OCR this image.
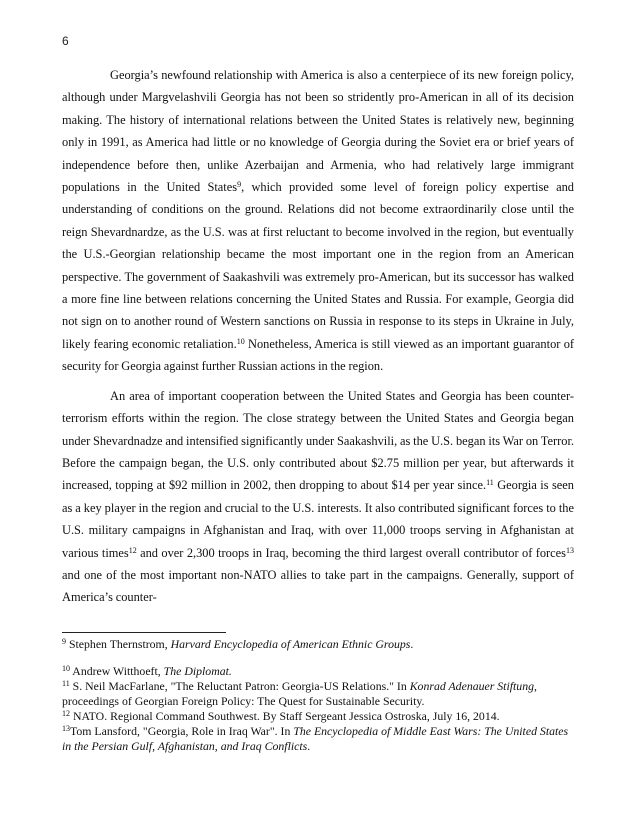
6

Georgia’s newfound relationship with America is also a centerpiece of its new foreign policy, although under Margvelashvili Georgia has not been so stridently pro-American in all of its decision making. The history of international relations between the United States is relatively new, beginning only in 1991, as America had little or no knowledge of Georgia during the Soviet era or brief years of independence before then, unlike Azerbaijan and Armenia, who had relatively large immigrant populations in the United States$^9$, which provided some level of foreign policy expertise and understanding of conditions on the ground. Relations did not become extraordinarily close until the reign Shevardnardze, as the U.S. was at first reluctant to become involved in the region, but eventually the U.S.-Georgian relationship became the most important one in the region from an American perspective. The government of Saakashvili was extremely pro-American, but its successor has walked a more fine line between relations concerning the United States and Russia. For example, Georgia did not sign on to another round of Western sanctions on Russia in response to its steps in Ukraine in July, likely fearing economic retaliation.$^{10}$ Nonetheless, America is still viewed as an important guarantor of security for Georgia against further Russian actions in the region.

An area of important cooperation between the United States and Georgia has been counter-terrorism efforts within the region. The close strategy between the United States and Georgia began under Shevardnadze and intensified significantly under Saakashvili, as the U.S. began its War on Terror. Before the campaign began, the U.S. only contributed about $2.75 million per year, but afterwards it increased, topping at $92 million in 2002, then dropping to about $14 per year since.$^{11}$ Georgia is seen as a key player in the region and crucial to the U.S. interests. It also contributed significant forces to the U.S. military campaigns in Afghanistan and Iraq, with over 11,000 troops serving in Afghanistan at various times$^{12}$ and over 2,300 troops in Iraq, becoming the third largest overall contributor of forces$^{13}$ and one of the most important non-NATO allies to take part in the campaigns. Generally, support of America’s counter-

$^9$ Stephen Thernstrom, Harvard Encyclopedia of American Ethnic Groups.

$^{10}$ Andrew Witthoeft, The Diplomat.

$^{11}$ S. Neil MacFarlane, "The Reluctant Patron: Georgia-US Relations." In Konrad Adenauer Stiftung, proceedings of Georgian Foreign Policy: The Quest for Sustainable Security.

$^{12}$ NATO. Regional Command Southwest. By Staff Sergeant Jessica Ostroska, July 16, 2014.

$^{13}$Tom Lansford, "Georgia, Role in Iraq War". In The Encyclopedia of Middle East Wars: The United States in the Persian Gulf, Afghanistan, and Iraq Conflicts.
